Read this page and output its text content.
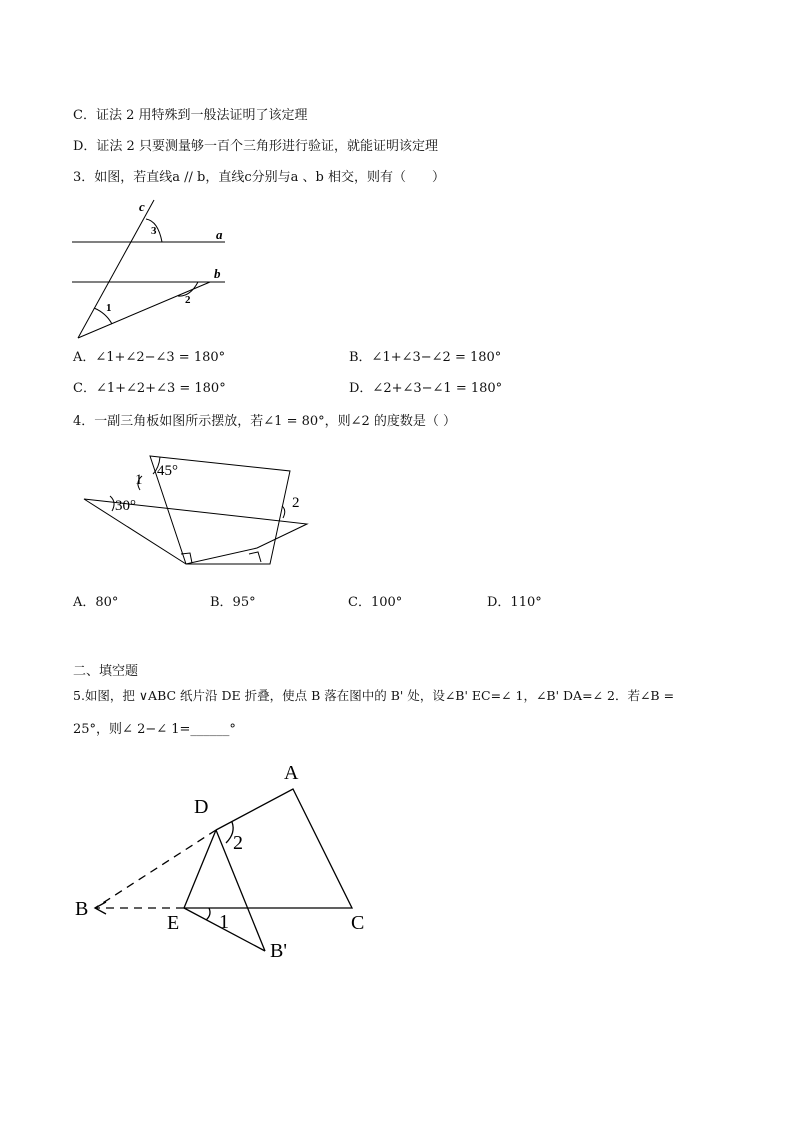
C．证法 2 用特殊到一般法证明了该定理
D．证法 2 只要测量够一百个三角形进行验证，就能证明该定理
3．如图，若直线a // b，直线c分别与a 、b 相交，则有（　　）
c
a
b
3
2
1
A．∠1+∠2−∠3 = 180°	B．∠1+∠3−∠2 = 180°
C．∠1+∠2+∠3 = 180°	D．∠2+∠3−∠1 = 180°
4．一副三角板如图所示摆放，若∠1 = 80°，则∠2 的度数是（ ）
1
45°
30°	2
A．80°	B．95°	C．100°	D．110°
二、填空题
5.如图，把 ∨ABC 纸片沿 DE 折叠，使点 B 落在图中的 B' 处，设∠B' EC=∠ 1，∠B' DA=∠ 2．若∠B =
25°，则∠ 2−∠ 1=______°
A
D
2
B
E 1	C
B'
